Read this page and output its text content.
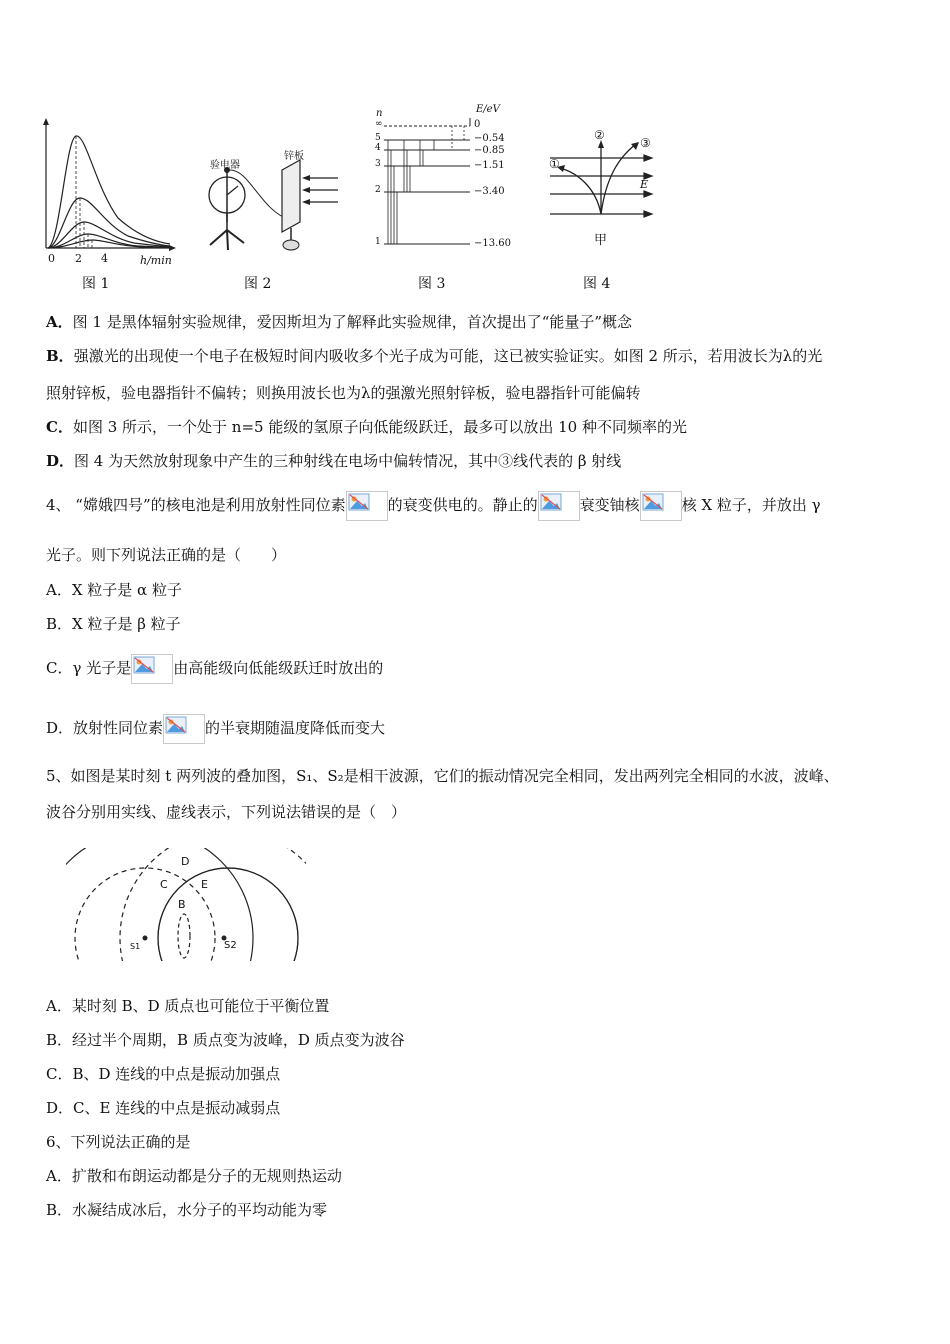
0 2 4	h/min
图 1
验电器
锌板
图 2
n	E/eV
∞
5
4
3
2
1
0
−0.54
−0.85
−1.51
−3.40
−13.60
图 3
①
②
③
E
甲
图 4
A．图 1 是黑体辐射实验规律，爱因斯坦为了解释此实验规律，首次提出了“能量子”概念
B．强激光的出现使一个电子在极短时间内吸收多个光子成为可能，这已被实验证实。如图 2 所示，若用波长为λ的光
照射锌板，验电器指针不偏转；则换用波长也为λ的强激光照射锌板，验电器指针可能偏转
C．如图 3 所示，一个处于 n=5 能级的氢原子向低能级跃迁，最多可以放出 10 种不同频率的光
D．图 4 为天然放射现象中产生的三种射线在电场中偏转情况，其中③线代表的 β 射线
4、 “嫦娥四号”的核电池是利用放射性同位素	的衰变供电的。静止的	衰变铀核	核 X 粒子，并放出 γ
光子。则下列说法正确的是（　　）
A．X 粒子是 α 粒子
B．X 粒子是 β 粒子
C．γ 光子是	由高能级向低能级跃迁时放出的
D．放射性同位素	的半衰期随温度降低而变大
5、如图是某时刻 t 两列波的叠加图，S₁、S₂是相干波源，它们的振动情况完全相同，发出两列完全相同的水波，波峰、
波谷分别用实线、虚线表示，下列说法错误的是（　）
D
C	E
B
S1	S2
A．某时刻 B、D 质点也可能位于平衡位置
B．经过半个周期，B 质点变为波峰，D 质点变为波谷
C．B、D 连线的中点是振动加强点
D．C、E 连线的中点是振动减弱点
6、下列说法正确的是
A．扩散和布朗运动都是分子的无规则热运动
B．水凝结成冰后，水分子的平均动能为零
